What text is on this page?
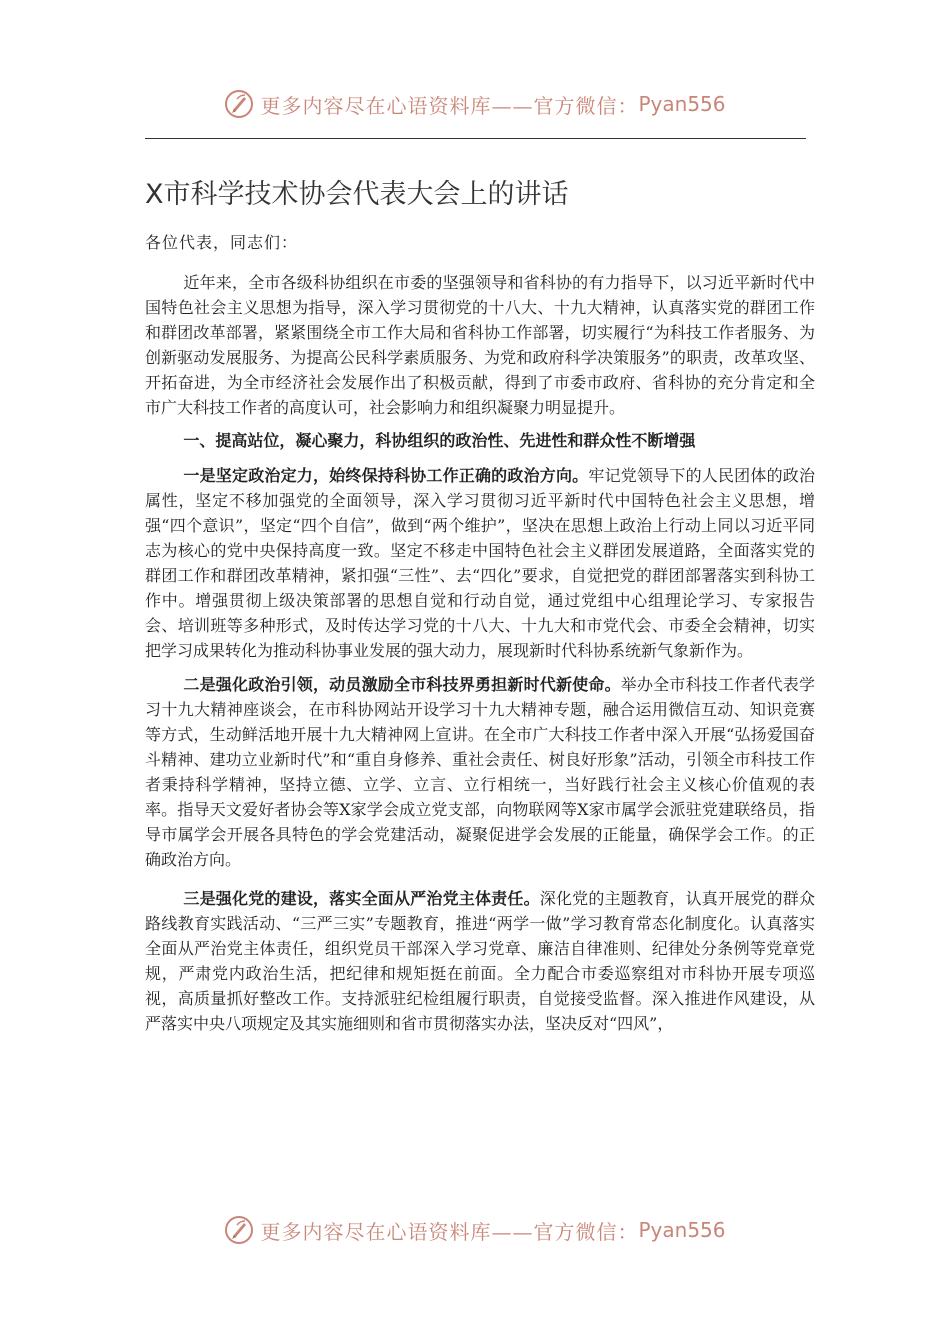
更多内容尽在心语资料库——官方微信： Pyan556
X市科学技术协会代表大会上的讲话
各位代表，同志们：

近年来，全市各级科协组织在市委的坚强领导和省科协的有力指导下，以习近平新时代中国特色社会主义思想为指导，深入学习贯彻党的十八大、十九大精神，认真落实党的群团工作和群团改革部署，紧紧围绕全市工作大局和省科协工作部署，切实履行“为科技工作者服务、为创新驱动发展服务、为提高公民科学素质服务、为党和政府科学决策服务”的职责，改革攻坚、开拓奋进，为全市经济社会发展作出了积极贡献，得到了市委市政府、省科协的充分肯定和全市广大科技工作者的高度认可，社会影响力和组织凝聚力明显提升。

一、提高站位，凝心聚力，科协组织的政治性、先进性和群众性不断增强

一是坚定政治定力，始终保持科协工作正确的政治方向。牢记党领导下的人民团体的政治属性，坚定不移加强党的全面领导，深入学习贯彻习近平新时代中国特色社会主义思想，增强“四个意识”，坚定“四个自信”，做到“两个维护”，坚决在思想上政治上行动上同以习近平同志为核心的党中央保持高度一致。坚定不移走中国特色社会主义群团发展道路，全面落实党的群团工作和群团改革精神，紧扣强“三性”、去“四化”要求，自觉把党的群团部署落实到科协工作中。增强贯彻上级决策部署的思想自觉和行动自觉，通过党组中心组理论学习、专家报告会、培训班等多种形式，及时传达学习党的十八大、十九大和市党代会、市委全会精神，切实把学习成果转化为推动科协事业发展的强大动力，展现新时代科协系统新气象新作为。

二是强化政治引领，动员激励全市科技界勇担新时代新使命。举办全市科技工作者代表学习十九大精神座谈会，在市科协网站开设学习十九大精神专题，融合运用微信互动、知识竞赛等方式，生动鲜活地开展十九大精神网上宣讲。在全市广大科技工作者中深入开展“弘扬爱国奋斗精神、建功立业新时代”和“重自身修养、重社会责任、树良好形象”活动，引领全市科技工作者秉持科学精神，坚持立德、立学、立言、立行相统一，当好践行社会主义核心价值观的表率。指导天文爱好者协会等X家学会成立党支部，向物联网等X家市属学会派驻党建联络员，指导市属学会开展各具特色的学会党建活动，凝聚促进学会发展的正能量，确保学会工作。的正确政治方向。

三是强化党的建设，落实全面从严治党主体责任。深化党的主题教育，认真开展党的群众路线教育实践活动、“三严三实”专题教育，推进“两学一做”学习教育常态化制度化。认真落实全面从严治党主体责任，组织党员干部深入学习党章、廉洁自律准则、纪律处分条例等党章党规，严肃党内政治生活，把纪律和规矩挺在前面。全力配合市委巡察组对市科协开展专项巡视，高质量抓好整改工作。支持派驻纪检组履行职责，自觉接受监督。深入推进作风建设，从严落实中央八项规定及其实施细则和省市贯彻落实办法，坚决反对“四风”，

更多内容尽在心语资料库——官方微信： Pyan556
